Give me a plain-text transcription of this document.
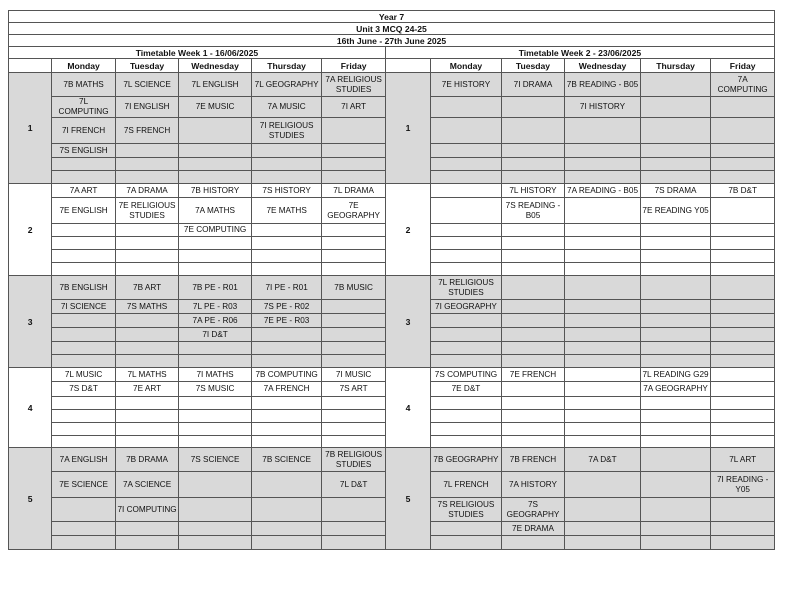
Year 7											
Unit 3 MCQ 24-25											
16th June - 27th June 2025											
Timetable Week 1 - 16/06/2025						Timetable Week 2 - 23/06/2025					
	Monday	Tuesday	Wednesday	Thursday	Friday		Monday	Tuesday	Wednesday	Thursday	Friday
1	7B MATHS	7L SCIENCE	7L ENGLISH	7L GEOGRAPHY	7A RELIGIOUS STUDIES	1	7E HISTORY	7I DRAMA	7B READING - B05		7A COMPUTING
	7L COMPUTING	7I ENGLISH	7E MUSIC	7A MUSIC	7I ART				7I HISTORY		
	7I FRENCH	7S FRENCH		7I RELIGIOUS STUDIES							
	7S ENGLISH										

2	7A ART	7A DRAMA	7B HISTORY	7S HISTORY	7L DRAMA	2		7L HISTORY	7A READING - B05	7S DRAMA	7B D&T
	7E ENGLISH	7E RELIGIOUS STUDIES	7A MATHS	7E MATHS	7E GEOGRAPHY			7S READING - B05		7E READING Y05	
			7E COMPUTING								

3	7B ENGLISH	7B ART	7B PE - R01	7I PE - R01	7B MUSIC	3	7L RELIGIOUS STUDIES				
	7I SCIENCE	7S MATHS	7L PE - R03	7S PE - R02			7I GEOGRAPHY				
			7A PE - R06	7E PE - R03							
			7I D&T								

4	7L MUSIC	7L MATHS	7I MATHS	7B COMPUTING	7I MUSIC	4	7S COMPUTING	7E FRENCH		7L READING G29	
	7S D&T	7E ART	7S MUSIC	7A FRENCH	7S ART		7E D&T			7A GEOGRAPHY	

5	7A ENGLISH	7B DRAMA	7S SCIENCE	7B SCIENCE	7B RELIGIOUS STUDIES	5	7B GEOGRAPHY	7B FRENCH	7A D&T		7L ART
	7E SCIENCE	7A SCIENCE			7L D&T		7L FRENCH	7A HISTORY			7I READING - Y05
		7I COMPUTING					7S RELIGIOUS STUDIES	7S GEOGRAPHY			
								7E DRAMA			
